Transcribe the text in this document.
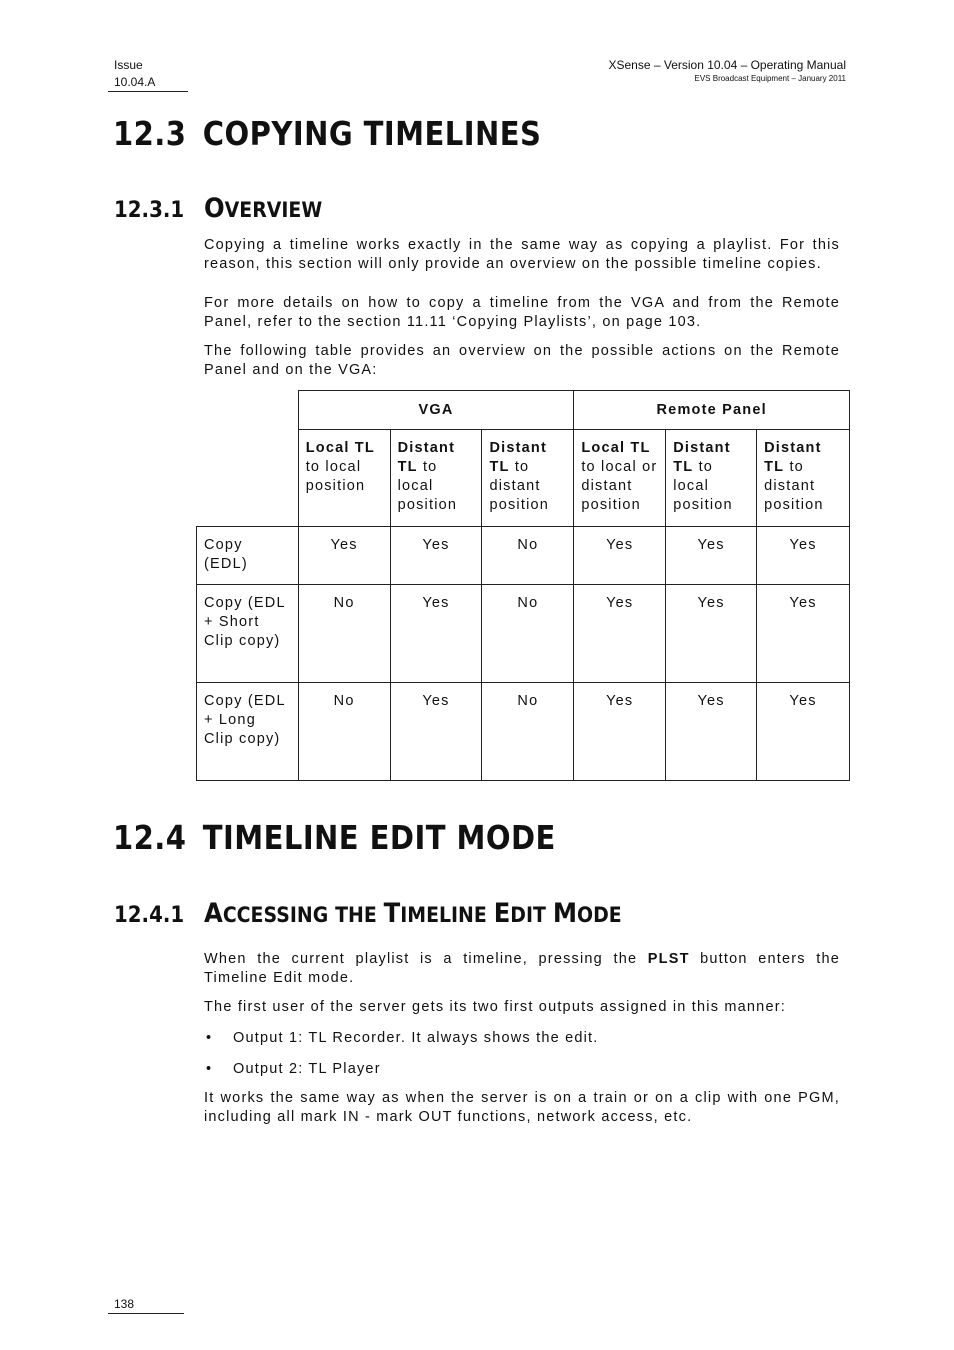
Issue
10.04.A
XSense – Version 10.04 – Operating Manual
EVS Broadcast Equipment – January 2011
12.3 COPYING TIMELINES
12.3.1 OVERVIEW

Copying a timeline works exactly in the same way as copying a playlist. For this reason, this section will only provide an overview on the possible timeline copies.

For more details on how to copy a timeline from the VGA and from the Remote Panel, refer to the section 11.11 ‘Copying Playlists’, on page 103.

The following table provides an overview on the possible actions on the Remote Panel and on the VGA:

	VGA			Remote Panel		
	Local TL to local position	Distant TL to local position	Distant TL to distant position	Local TL to local or distant position	Distant TL to local position	Distant TL to distant position
Copy (EDL)	Yes	Yes	No	Yes	Yes	Yes
Copy (EDL + Short Clip copy)	No	Yes	No	Yes	Yes	Yes
Copy (EDL + Long Clip copy)	No	Yes	No	Yes	Yes	Yes
12.4 TIMELINE EDIT MODE
12.4.1 ACCESSING THE TIMELINE EDIT MODE

When the current playlist is a timeline, pressing the PLST button enters the Timeline Edit mode.

The first user of the server gets its two first outputs assigned in this manner:

• Output 1: TL Recorder. It always shows the edit.
• Output 2: TL Player

It works the same way as when the server is on a train or on a clip with one PGM, including all mark IN - mark OUT functions, network access, etc.

138
